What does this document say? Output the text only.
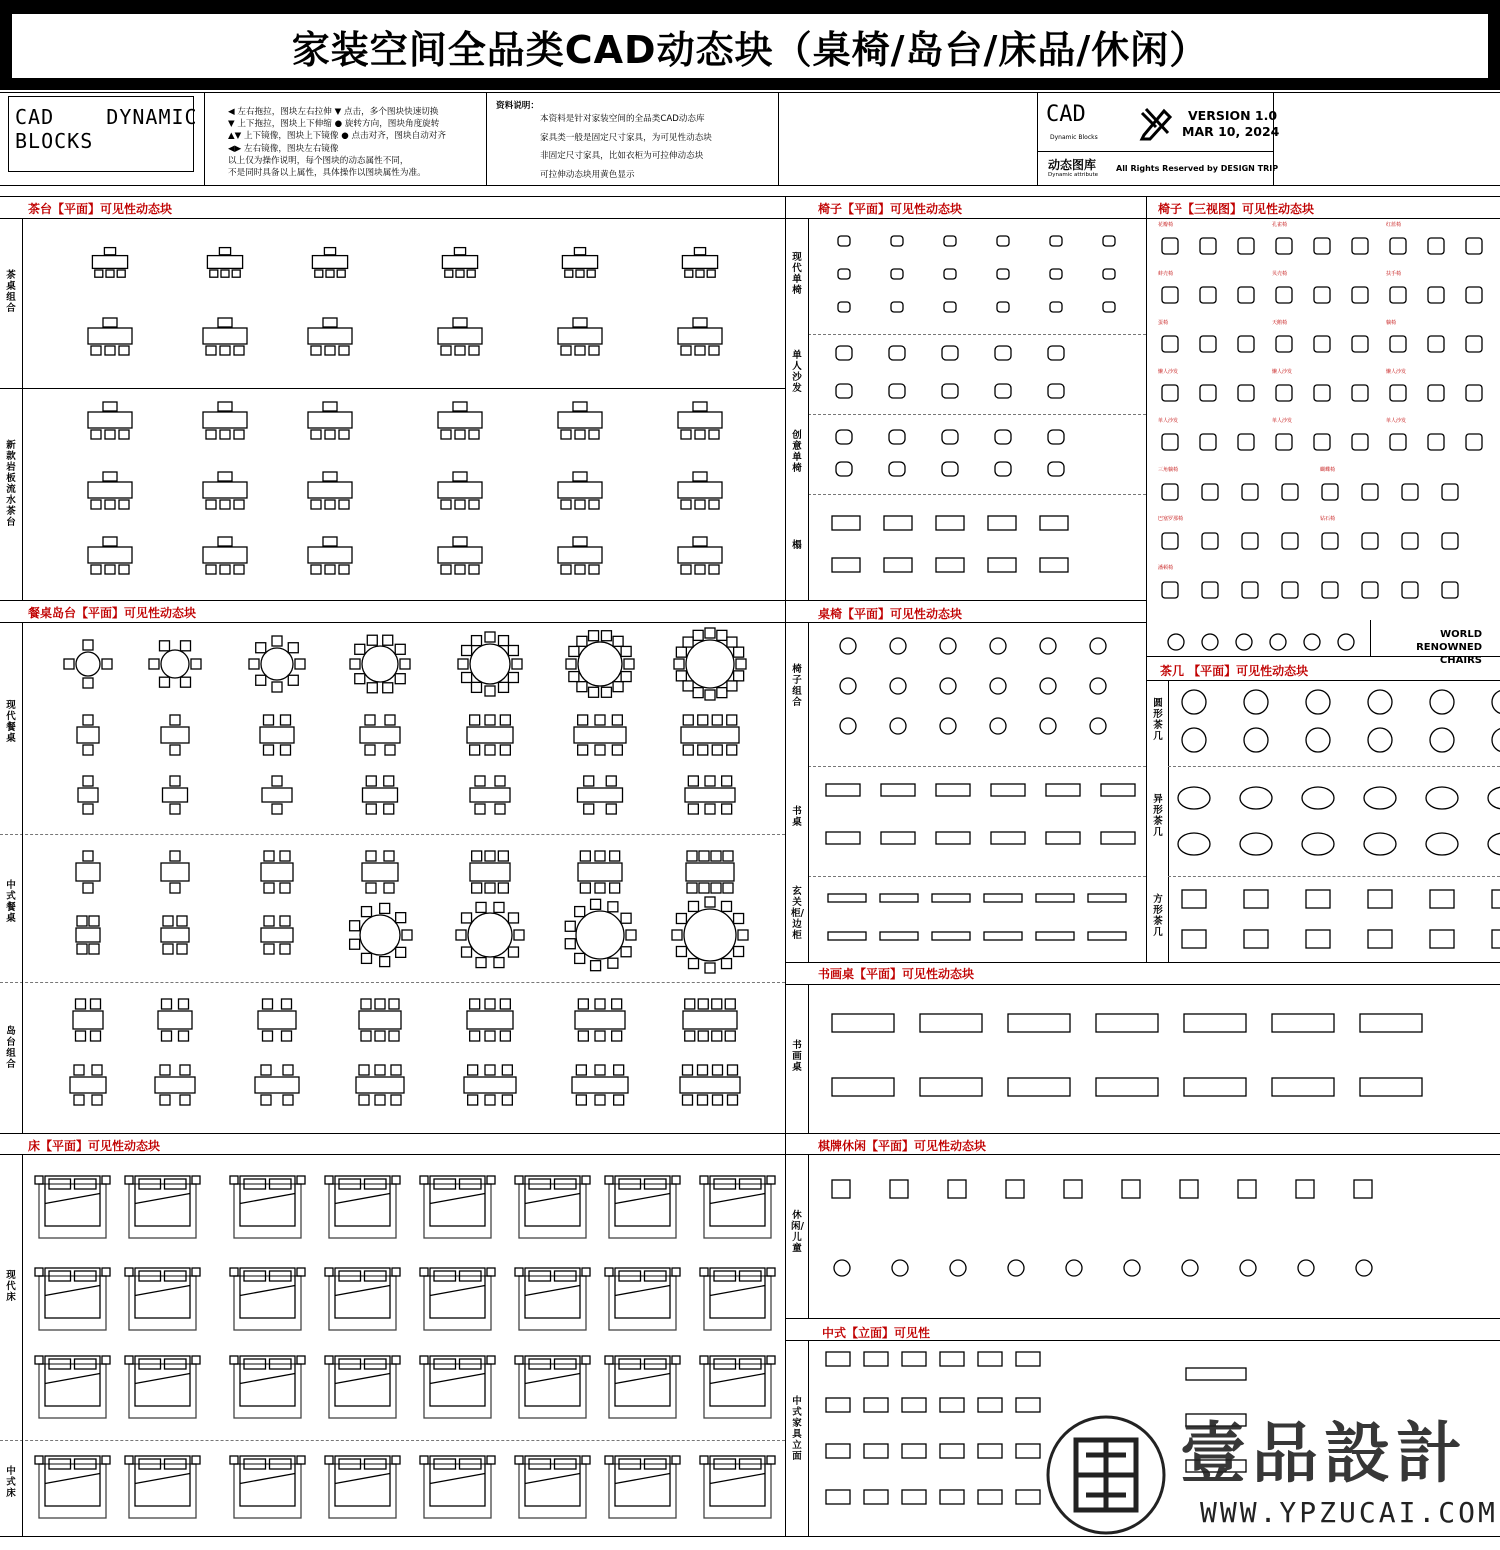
家装空间全品类CAD动态块（桌椅/岛台/床品/休闲）
CAD    DYNAMIC
BLOCKS
◀ 左右拖拉，图块左右拉伸 ▼ 点击，多个图块快速切换
▼ 上下拖拉，图块上下伸缩 ● 旋转方向，图块角度旋转
▲▼ 上下镜像，图块上下镜像 ● 点击对齐，图块自动对齐
◀▶ 左右镜像，图块左右镜像
以上仅为操作说明，每个图块的动态属性不同，
不是同时具备以上属性，具体操作以图块属性为准。
资料说明：
本资料是针对家装空间的全品类CAD动态库
家具类一般是固定尺寸家具，为可见性动态块
非固定尺寸家具，比如衣柜为可拉伸动态块
可拉伸动态块用黄色显示
CAD
Dynamic Blocks
VERSION 1.0
MAR 10, 2024
动态图库
Dynamic attribute
All Rights Reserved by DESIGN TRIP
茶台【平面】可见性动态块	椅子【平面】可见性动态块	椅子【三视图】可见性动态块
餐桌岛台【平面】可见性动态块	桌椅【平面】可见性动态块
茶几 【平面】可见性动态块
书画桌【平面】可见性动态块
床【平面】可见性动态块	棋牌休闲【平面】可见性动态块
中式【立面】可见性
茶桌组合
新款岩板流水茶台
现代餐桌
中式餐桌
岛台组合
现代床
中式床
现代单椅
单人沙发
创意单椅
榻
椅子组合
书桌
玄关柜/边柜
书画桌
休闲/儿童
中式家具立面
圆形茶几
异形茶几
方形茶几
花瓣椅	孔雀椅	红蓝椅
蚌壳椅	贝壳椅	扶手椅
蛋椅	天鹅椅	躺椅
懒人沙发	懒人沙发	懒人沙发
单人沙发	单人沙发	单人沙发
三角躺椅	蝴蝶椅
巴塞罗那椅	钻石椅
潘顿椅
WORLD RENOWNED CHAIRS
壹品設計
WWW.YPZUCAI.COM
